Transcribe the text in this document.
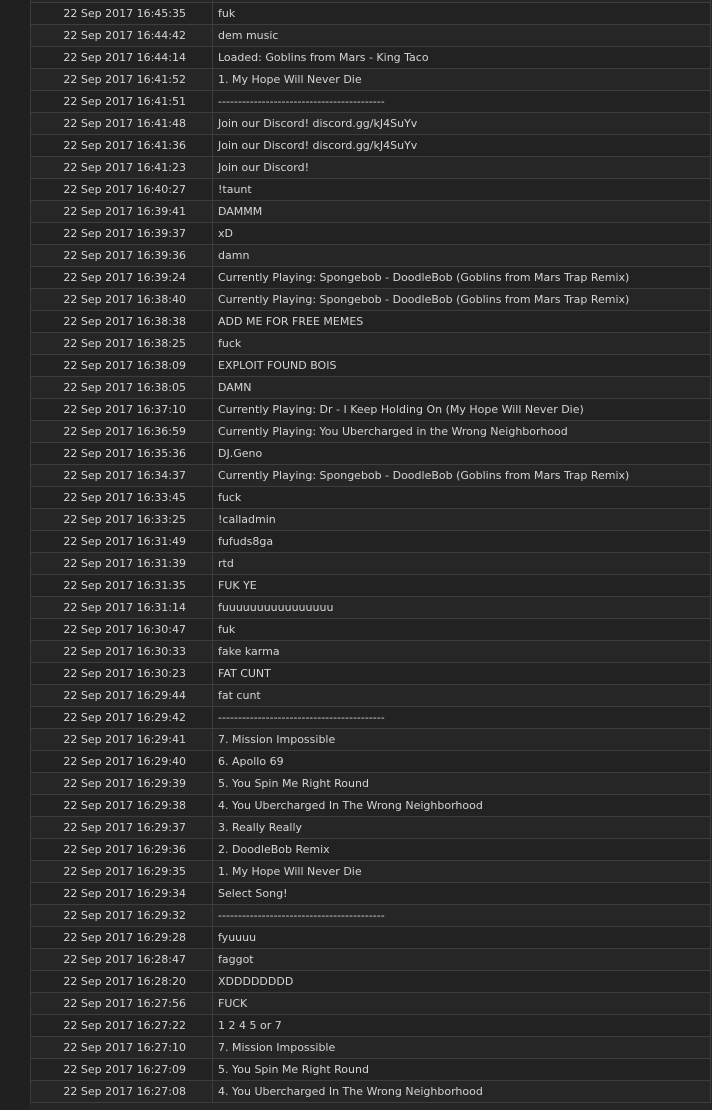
22 Sep 2017 16:45:35	fuk
22 Sep 2017 16:44:42	dem music
22 Sep 2017 16:44:14	Loaded: Goblins from Mars - King Taco
22 Sep 2017 16:41:52	1. My Hope Will Never Die
22 Sep 2017 16:41:51	------------------------------------------
22 Sep 2017 16:41:48	Join our Discord! discord.gg/kJ4SuYv
22 Sep 2017 16:41:36	Join our Discord! discord.gg/kJ4SuYv
22 Sep 2017 16:41:23	Join our Discord!
22 Sep 2017 16:40:27	!taunt
22 Sep 2017 16:39:41	DAMMM
22 Sep 2017 16:39:37	xD
22 Sep 2017 16:39:36	damn
22 Sep 2017 16:39:24	Currently Playing: Spongebob - DoodleBob (Goblins from Mars Trap Remix)
22 Sep 2017 16:38:40	Currently Playing: Spongebob - DoodleBob (Goblins from Mars Trap Remix)
22 Sep 2017 16:38:38	ADD ME FOR FREE MEMES
22 Sep 2017 16:38:25	fuck
22 Sep 2017 16:38:09	EXPLOIT FOUND BOIS
22 Sep 2017 16:38:05	DAMN
22 Sep 2017 16:37:10	Currently Playing: Dr - I Keep Holding On (My Hope Will Never Die)
22 Sep 2017 16:36:59	Currently Playing: You Ubercharged in the Wrong Neighborhood
22 Sep 2017 16:35:36	DJ.Geno
22 Sep 2017 16:34:37	Currently Playing: Spongebob - DoodleBob (Goblins from Mars Trap Remix)
22 Sep 2017 16:33:45	fuck
22 Sep 2017 16:33:25	!calladmin
22 Sep 2017 16:31:49	fufuds8ga
22 Sep 2017 16:31:39	rtd
22 Sep 2017 16:31:35	FUK YE
22 Sep 2017 16:31:14	fuuuuuuuuuuuuuuuu
22 Sep 2017 16:30:47	fuk
22 Sep 2017 16:30:33	fake karma
22 Sep 2017 16:30:23	FAT CUNT
22 Sep 2017 16:29:44	fat cunt
22 Sep 2017 16:29:42	------------------------------------------
22 Sep 2017 16:29:41	7. Mission Impossible
22 Sep 2017 16:29:40	6. Apollo 69
22 Sep 2017 16:29:39	5. You Spin Me Right Round
22 Sep 2017 16:29:38	4. You Ubercharged In The Wrong Neighborhood
22 Sep 2017 16:29:37	3. Really Really
22 Sep 2017 16:29:36	2. DoodleBob Remix
22 Sep 2017 16:29:35	1. My Hope Will Never Die
22 Sep 2017 16:29:34	Select Song!
22 Sep 2017 16:29:32	------------------------------------------
22 Sep 2017 16:29:28	fyuuuu
22 Sep 2017 16:28:47	faggot
22 Sep 2017 16:28:20	XDDDDDDDD
22 Sep 2017 16:27:56	FUCK
22 Sep 2017 16:27:22	1 2 4 5 or 7
22 Sep 2017 16:27:10	7. Mission Impossible
22 Sep 2017 16:27:09	5. You Spin Me Right Round
22 Sep 2017 16:27:08	4. You Ubercharged In The Wrong Neighborhood
